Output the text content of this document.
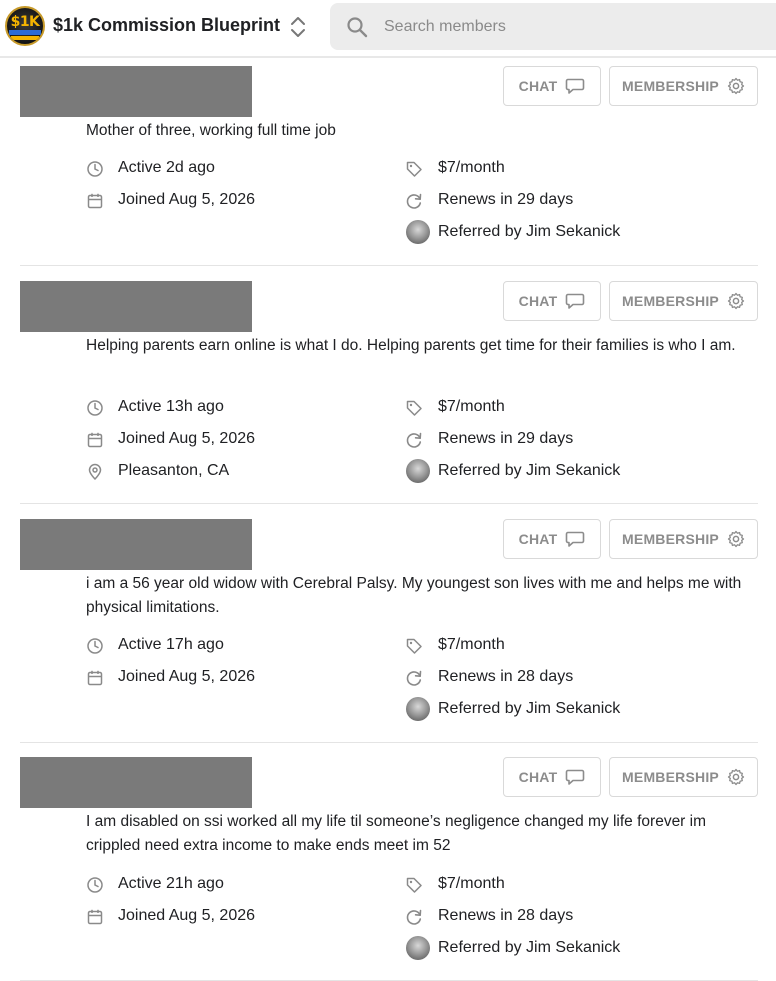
$1K $1k Commission Blueprint
Search members
CHAT	MEMBERSHIP
Mother of three, working full time job
Active 2d ago
Joined Aug 5, 2026
$7/month
Renews in 29 days
Referred by Jim Sekanick
CHAT	MEMBERSHIP
Helping parents earn online is what I do. Helping parents get time for their families is who I am.
Active 13h ago
Joined Aug 5, 2026
Pleasanton, CA
$7/month
Renews in 29 days
Referred by Jim Sekanick
CHAT	MEMBERSHIP
i am a 56 year old widow with Cerebral Palsy. My youngest son lives with me and helps me with physical limitations.
Active 17h ago
Joined Aug 5, 2026
$7/month
Renews in 28 days
Referred by Jim Sekanick
CHAT	MEMBERSHIP
I am disabled on ssi worked all my life til someone’s negligence changed my life forever im crippled need extra income to make ends meet im 52
Active 21h ago
Joined Aug 5, 2026
$7/month
Renews in 28 days
Referred by Jim Sekanick
